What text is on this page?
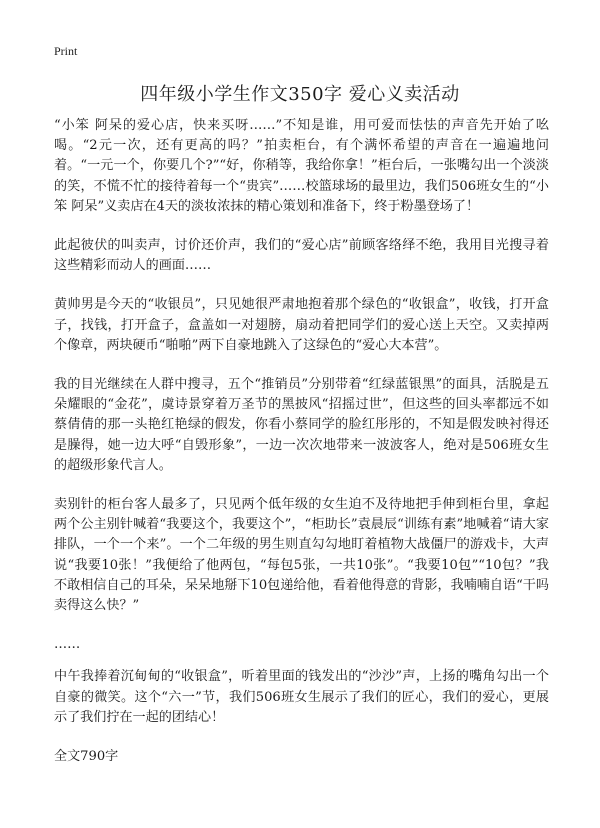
Print
四年级小学生作文350字 爱心义卖活动

“小笨 阿呆的爱心店，快来买呀……”不知是谁，用可爱而怯怯的声音先开始了吆喝。“2元一次，还有更高的吗？”拍卖柜台，有个满怀希望的声音在一遍遍地问着。“一元一个，你要几个?”“好，你稍等，我给你拿！”柜台后，一张嘴勾出一个淡淡的笑，不慌不忙的接待着每一个“贵宾”……校篮球场的最里边，我们506班女生的“小笨 阿呆”义卖店在4天的淡妆浓抹的精心策划和准备下，终于粉墨登场了！

此起彼伏的叫卖声，讨价还价声，我们的“爱心店”前顾客络绎不绝，我用目光搜寻着这些精彩而动人的画面……

黄帅男是今天的“收银员”，只见她很严肃地抱着那个绿色的“收银盒”，收钱，打开盒子，找钱，打开盒子，盒盖如一对翅膀，扇动着把同学们的爱心送上天空。又卖掉两个像章，两块硬币“啪啪”两下自豪地跳入了这绿色的“爱心大本营”。

我的目光继续在人群中搜寻，五个“推销员”分别带着“红绿蓝银黑”的面具，活脱是五朵耀眼的“金花”，虞诗景穿着万圣节的黑披风“招摇过世”，但这些的回头率都远不如蔡倩倩的那一头艳红艳绿的假发，你看小蔡同学的脸红彤彤的，不知是假发映衬得还是臊得，她一边大呼“自毁形象”，一边一次次地带来一波波客人，绝对是506班女生的超级形象代言人。

卖别针的柜台客人最多了，只见两个低年级的女生迫不及待地把手伸到柜台里，拿起两个公主别针喊着“我要这个，我要这个”，“柜助长”袁晨辰“训练有素”地喊着“请大家排队，一个一个来”。一个二年级的男生则直勾勾地盯着植物大战僵尸的游戏卡，大声说“我要10张！”我便给了他两包，“每包5张，一共10张”。“我要10包”“10包？”我不敢相信自己的耳朵，呆呆地掰下10包递给他，看着他得意的背影，我喃喃自语“干吗卖得这么快？”

……

中午我捧着沉甸甸的“收银盒”，听着里面的钱发出的“沙沙”声，上扬的嘴角勾出一个自豪的微笑。这个“六一”节，我们506班女生展示了我们的匠心，我们的爱心，更展示了我们拧在一起的团结心！

全文790字
